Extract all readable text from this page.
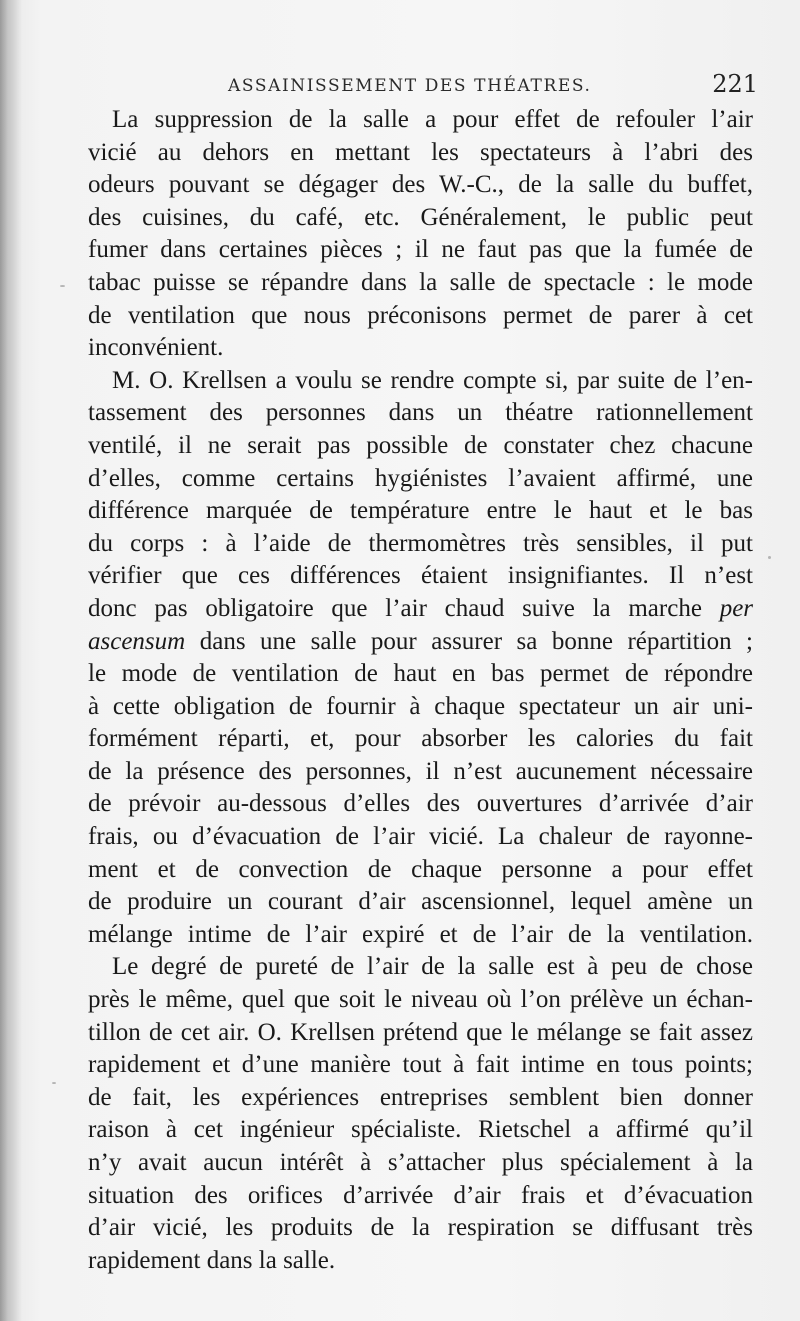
ASSAINISSEMENT DES THÉATRES.	221

La suppression de la salle a pour effet de refouler l’air
vicié au dehors en mettant les spectateurs à l’abri des
odeurs pouvant se dégager des W.-C., de la salle du buffet,
des cuisines, du café, etc. Généralement, le public peut
fumer dans certaines pièces ; il ne faut pas que la fumée de
tabac puisse se répandre dans la salle de spectacle : le mode
de ventilation que nous préconisons permet de parer à cet
inconvénient.

M. O. Krellsen a voulu se rendre compte si, par suite de l’en-
tassement des personnes dans un théatre rationnellement
ventilé, il ne serait pas possible de constater chez chacune
d’elles, comme certains hygiénistes l’avaient affirmé, une
différence marquée de température entre le haut et le bas
du corps : à l’aide de thermomètres très sensibles, il put
vérifier que ces différences étaient insignifiantes. Il n’est
donc pas obligatoire que l’air chaud suive la marche per
ascensum dans une salle pour assurer sa bonne répartition ;
le mode de ventilation de haut en bas permet de répondre
à cette obligation de fournir à chaque spectateur un air uni-
formément réparti, et, pour absorber les calories du fait
de la présence des personnes, il n’est aucunement nécessaire
de prévoir au-dessous d’elles des ouvertures d’arrivée d’air
frais, ou d’évacuation de l’air vicié. La chaleur de rayonne-
ment et de convection de chaque personne a pour effet
de produire un courant d’air ascensionnel, lequel amène un
mélange intime de l’air expiré et de l’air de la ventilation.

Le degré de pureté de l’air de la salle est à peu de chose
près le même, quel que soit le niveau où l’on prélève un échan-
tillon de cet air. O. Krellsen prétend que le mélange se fait assez
rapidement et d’une manière tout à fait intime en tous points;
de fait, les expériences entreprises semblent bien donner
raison à cet ingénieur spécialiste. Rietschel a affirmé qu’il
n’y avait aucun intérêt à s’attacher plus spécialement à la
situation des orifices d’arrivée d’air frais et d’évacuation
d’air vicié, les produits de la respiration se diffusant très
rapidement dans la salle.
